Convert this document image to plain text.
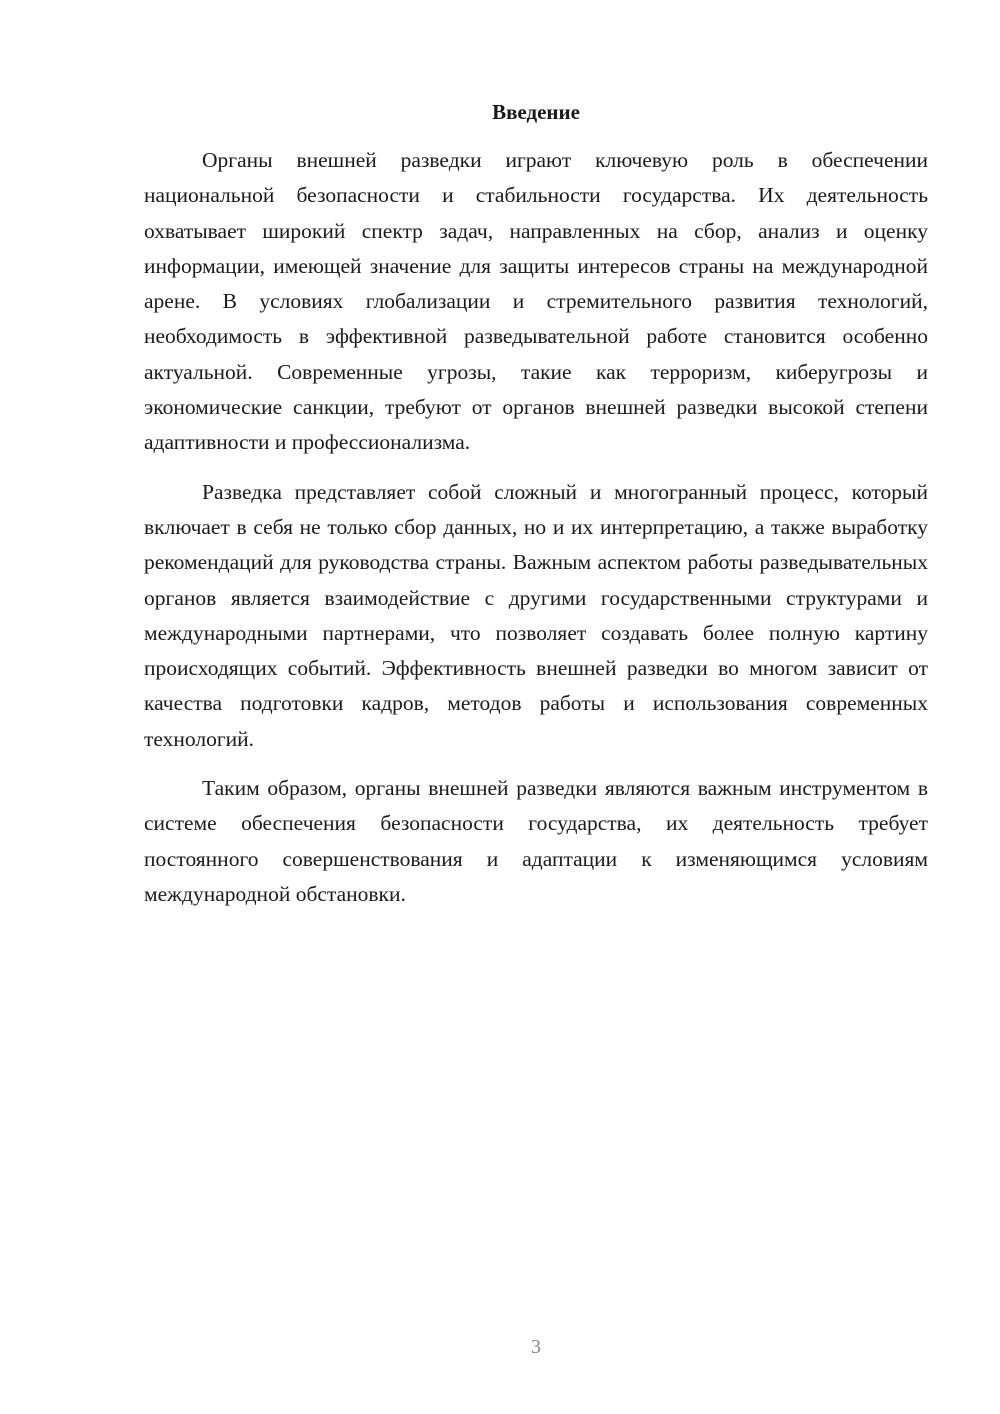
Введение

Органы внешней разведки играют ключевую роль в обеспечении национальной безопасности и стабильности государства. Их деятельность охватывает широкий спектр задач, направленных на сбор, анализ и оценку информации, имеющей значение для защиты интересов страны на международной арене. В условиях глобализации и стремительного развития технологий, необходимость в эффективной разведывательной работе становится особенно актуальной. Современные угрозы, такие как терроризм, киберугрозы и экономические санкции, требуют от органов внешней разведки высокой степени адаптивности и профессионализма.

Разведка представляет собой сложный и многогранный процесс, который включает в себя не только сбор данных, но и их интерпретацию, а также выработку рекомендаций для руководства страны. Важным аспектом работы разведывательных органов является взаимодействие с другими государственными структурами и международными партнерами, что позволяет создавать более полную картину происходящих событий. Эффективность внешней разведки во многом зависит от качества подготовки кадров, методов работы и использования современных технологий.

Таким образом, органы внешней разведки являются важным инструментом в системе обеспечения безопасности государства, их деятельность требует постоянного совершенствования и адаптации к изменяющимся условиям международной обстановки.

3
